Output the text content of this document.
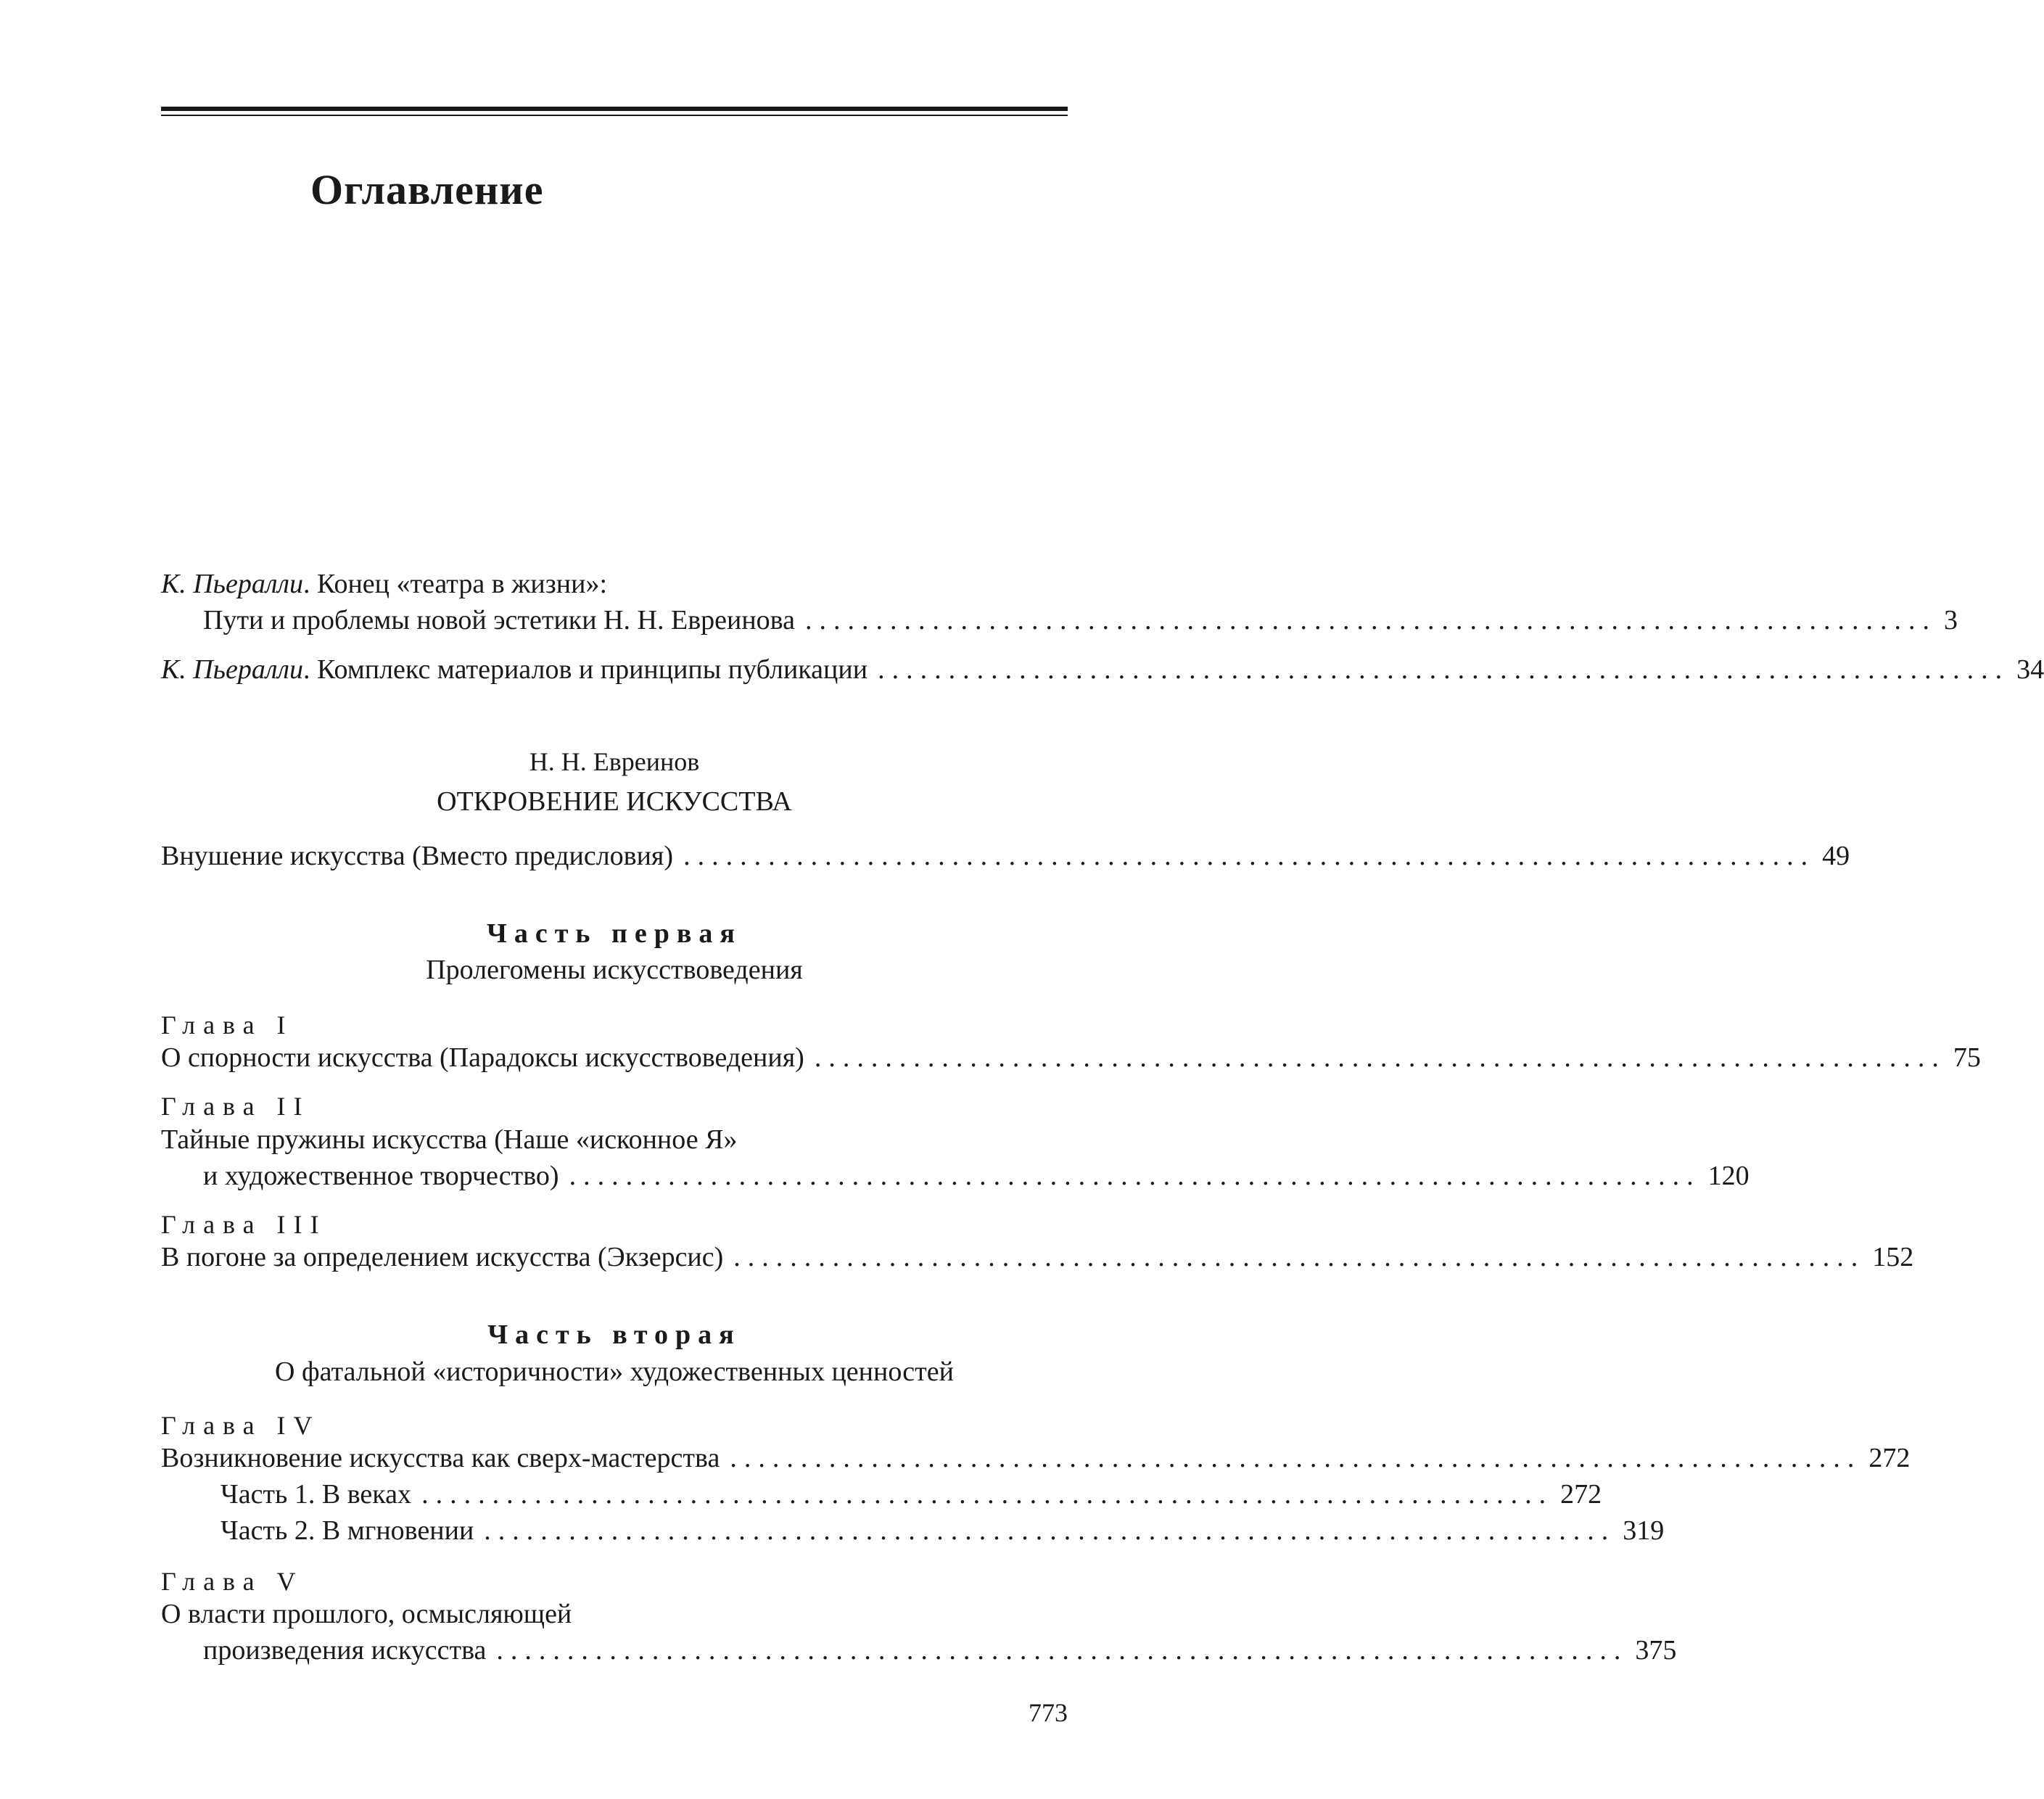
Оглавление
К. Пьералли. Конец «театра в жизни»:
Пути и проблемы новой эстетики Н. Н. Евреинова ................................................................................ 3
К. Пьералли. Комплекс материалов и принципы публикации ................................................................................ 34
Н. Н. Евреинов
ОТКРОВЕНИЕ ИСКУССТВА
Внушение искусства (Вместо предисловия) ................................................................................ 49
Часть первая
Пролегомены искусствоведения
Глава I
О спорности искусства (Парадоксы искусствоведения) ................................................................................ 75
Глава II
Тайные пружины искусства (Наше «исконное Я»
и художественное творчество) ................................................................................ 120
Глава III
В погоне за определением искусства (Экзерсис) ................................................................................ 152
Часть вторая
О фатальной «историчности» художественных ценностей
Глава IV
Возникновение искусства как сверх-мастерства ................................................................................ 272
Часть 1. В веках ................................................................................ 272
Часть 2. В мгновении ................................................................................ 319
Глава V
О власти прошлого, осмысляющей
произведения искусства ................................................................................ 375
773
